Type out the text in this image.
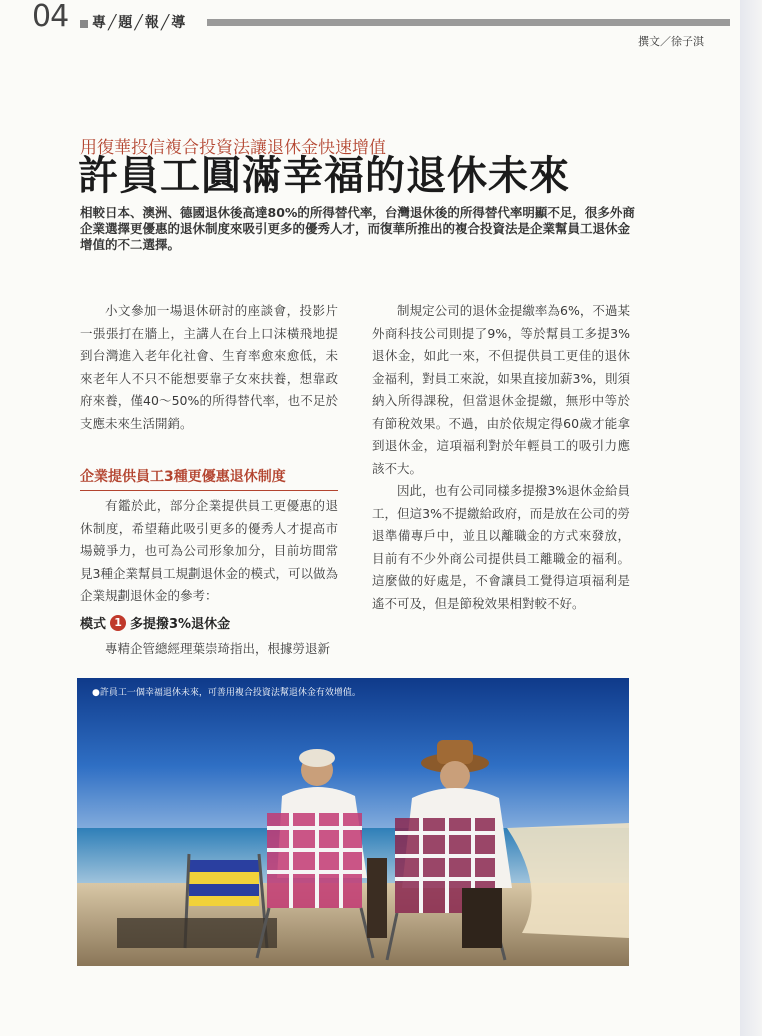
04 專╱題╱報╱導
撰文／徐子淇
用復華投信複合投資法讓退休金快速增值
許員工圓滿幸福的退休未來
相較日本、澳洲、德國退休後高達80%的所得替代率，台灣退休後的所得替代率明顯不足，很多外商企業選擇更優惠的退休制度來吸引更多的優秀人才，而復華所推出的複合投資法是企業幫員工退休金增值的不二選擇。

小文參加一場退休研討的座談會，投影片一張張打在牆上，主講人在台上口沫橫飛地提到台灣進入老年化社會、生育率愈來愈低，未來老年人不只不能想要靠子女來扶養，想靠政府來養，僅40～50%的所得替代率，也不足於支應未來生活開銷。

企業提供員工3種更優惠退休制度

有鑑於此，部分企業提供員工更優惠的退休制度，希望藉此吸引更多的優秀人才提高市場競爭力，也可為公司形象加分，目前坊間常見3種企業幫員工規劃退休金的模式，可以做為企業規劃退休金的參考：

模式 1 多提撥3%退休金

專精企管總經理葉崇琦指出，根據勞退新

制規定公司的退休金提繳率為6%，不過某外商科技公司則提了9%，等於幫員工多提3%退休金，如此一來，不但提供員工更佳的退休金福利，對員工來說，如果直接加薪3%，則須納入所得課稅，但當退休金提繳，無形中等於有節稅效果。不過，由於依規定得60歲才能拿到退休金，這項福利對於年輕員工的吸引力應該不大。

因此，也有公司同樣多提撥3%退休金給員工，但這3%不提繳給政府，而是放在公司的勞退準備專戶中，並且以離職金的方式來發放，目前有不少外商公司提供員工離職金的福利。這麼做的好處是，不會讓員工覺得這項福利是遙不可及，但是節稅效果相對較不好。

●許員工一個幸福退休未來，可善用複合投資法幫退休金有效增值。
